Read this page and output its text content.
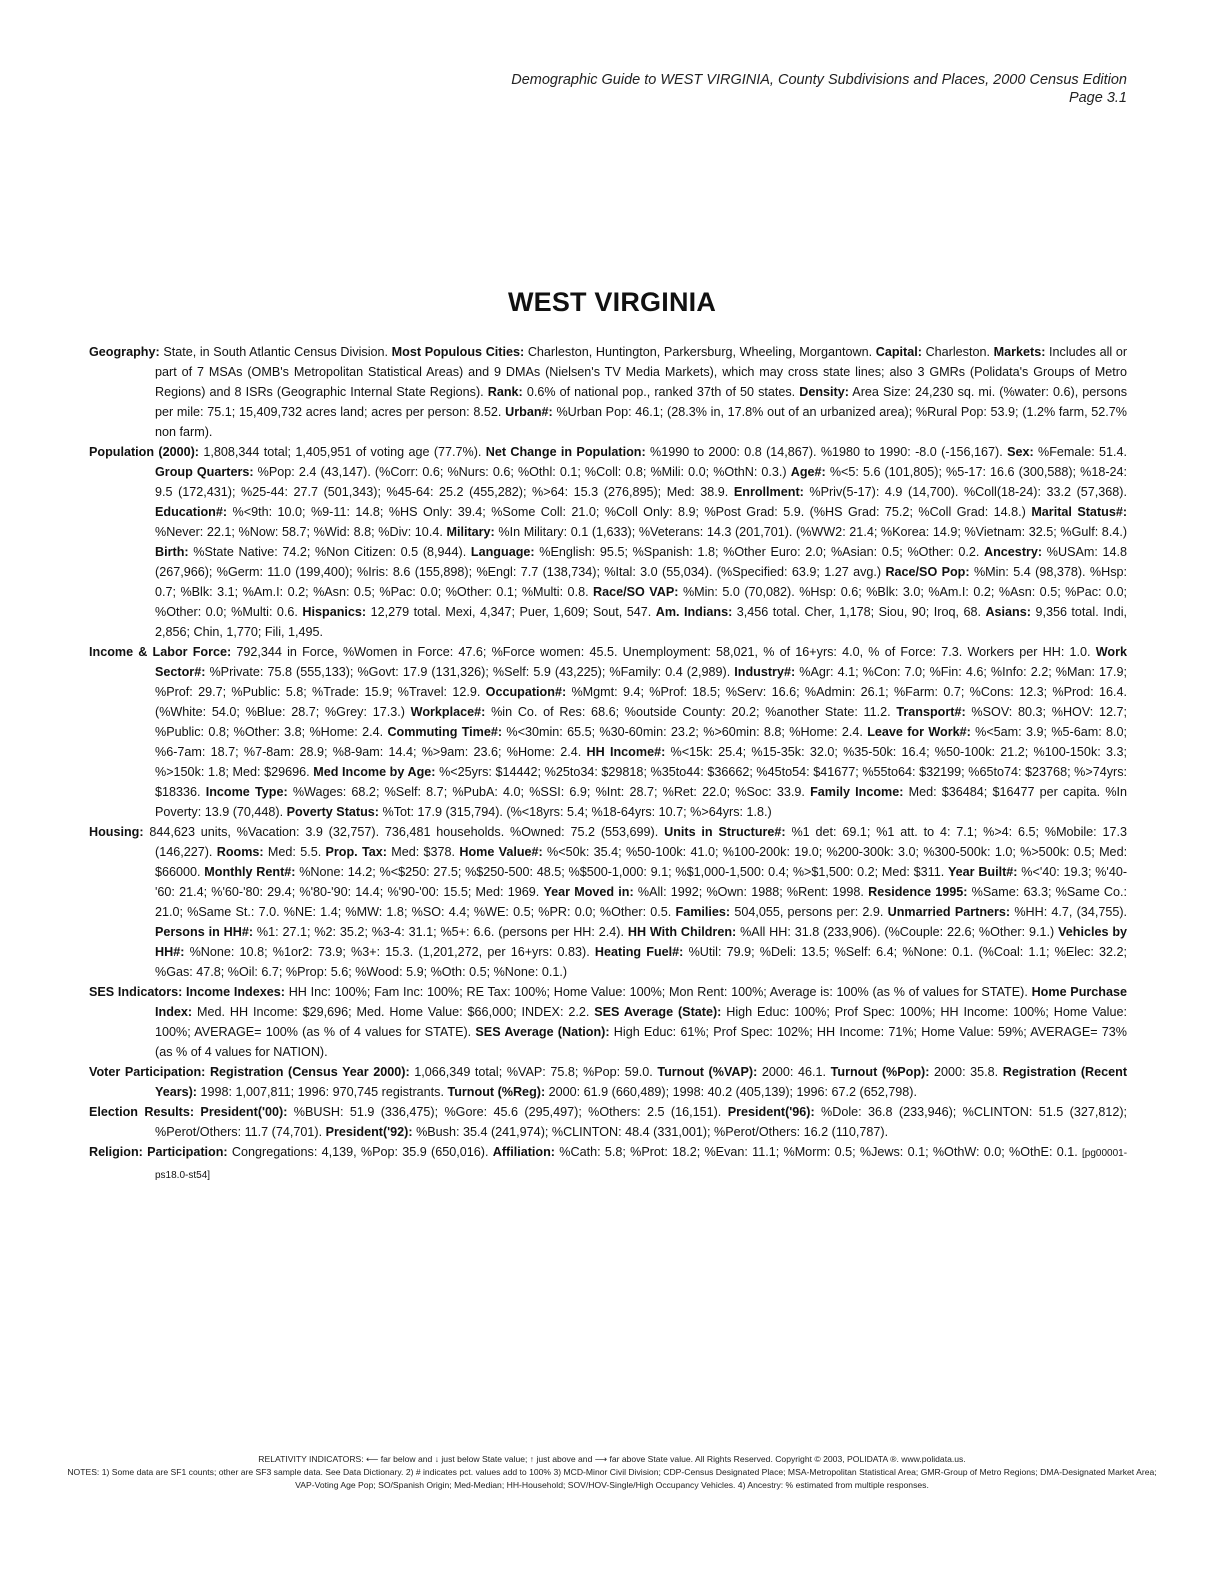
Demographic Guide to WEST VIRGINIA, County Subdivisions and Places, 2000 Census Edition
Page 3.1
WEST VIRGINIA

Geography: State, in South Atlantic Census Division. Most Populous Cities: Charleston, Huntington, Parkersburg, Wheeling, Morgantown. Capital: Charleston. Markets: Includes all or part of 7 MSAs (OMB's Metropolitan Statistical Areas) and 9 DMAs (Nielsen's TV Media Markets), which may cross state lines; also 3 GMRs (Polidata's Groups of Metro Regions) and 8 ISRs (Geographic Internal State Regions). Rank: 0.6% of national pop., ranked 37th of 50 states. Density: Area Size: 24,230 sq. mi. (%water: 0.6), persons per mile: 75.1; 15,409,732 acres land; acres per person: 8.52. Urban#: %Urban Pop: 46.1; (28.3% in, 17.8% out of an urbanized area); %Rural Pop: 53.9; (1.2% farm, 52.7% non farm).

Population (2000): 1,808,344 total; 1,405,951 of voting age (77.7%). Net Change in Population: %1990 to 2000: 0.8 (14,867). %1980 to 1990: -8.0 (-156,167). Sex: %Female: 51.4. Group Quarters: %Pop: 2.4 (43,147). (%Corr: 0.6; %Nurs: 0.6; %Othl: 0.1; %Coll: 0.8; %Mili: 0.0; %OthN: 0.3.) Age#: %<5: 5.6 (101,805); %5-17: 16.6 (300,588); %18-24: 9.5 (172,431); %25-44: 27.7 (501,343); %45-64: 25.2 (455,282); %>64: 15.3 (276,895); Med: 38.9. Enrollment: %Priv(5-17): 4.9 (14,700). %Coll(18-24): 33.2 (57,368). Education#: %<9th: 10.0; %9-11: 14.8; %HS Only: 39.4; %Some Coll: 21.0; %Coll Only: 8.9; %Post Grad: 5.9. (%HS Grad: 75.2; %Coll Grad: 14.8.) Marital Status#: %Never: 22.1; %Now: 58.7; %Wid: 8.8; %Div: 10.4. Military: %In Military: 0.1 (1,633); %Veterans: 14.3 (201,701). (%WW2: 21.4; %Korea: 14.9; %Vietnam: 32.5; %Gulf: 8.4.) Birth: %State Native: 74.2; %Non Citizen: 0.5 (8,944). Language: %English: 95.5; %Spanish: 1.8; %Other Euro: 2.0; %Asian: 0.5; %Other: 0.2. Ancestry: %USAm: 14.8 (267,966); %Germ: 11.0 (199,400); %Iris: 8.6 (155,898); %Engl: 7.7 (138,734); %Ital: 3.0 (55,034). (%Specified: 63.9; 1.27 avg.) Race/SO Pop: %Min: 5.4 (98,378). %Hsp: 0.7; %Blk: 3.1; %Am.I: 0.2; %Asn: 0.5; %Pac: 0.0; %Other: 0.1; %Multi: 0.8. Race/SO VAP: %Min: 5.0 (70,082). %Hsp: 0.6; %Blk: 3.0; %Am.I: 0.2; %Asn: 0.5; %Pac: 0.0; %Other: 0.0; %Multi: 0.6. Hispanics: 12,279 total. Mexi, 4,347; Puer, 1,609; Sout, 547. Am. Indians: 3,456 total. Cher, 1,178; Siou, 90; Iroq, 68. Asians: 9,356 total. Indi, 2,856; Chin, 1,770; Fili, 1,495.

Income & Labor Force: 792,344 in Force, %Women in Force: 47.6; %Force women: 45.5. Unemployment: 58,021, % of 16+yrs: 4.0, % of Force: 7.3. Workers per HH: 1.0. Work Sector#: %Private: 75.8 (555,133); %Govt: 17.9 (131,326); %Self: 5.9 (43,225); %Family: 0.4 (2,989). Industry#: %Agr: 4.1; %Con: 7.0; %Fin: 4.6; %Info: 2.2; %Man: 17.9; %Prof: 29.7; %Public: 5.8; %Trade: 15.9; %Travel: 12.9. Occupation#: %Mgmt: 9.4; %Prof: 18.5; %Serv: 16.6; %Admin: 26.1; %Farm: 0.7; %Cons: 12.3; %Prod: 16.4. (%White: 54.0; %Blue: 28.7; %Grey: 17.3.) Workplace#: %in Co. of Res: 68.6; %outside County: 20.2; %another State: 11.2. Transport#: %SOV: 80.3; %HOV: 12.7; %Public: 0.8; %Other: 3.8; %Home: 2.4. Commuting Time#: %<30min: 65.5; %30-60min: 23.2; %>60min: 8.8; %Home: 2.4. Leave for Work#: %<5am: 3.9; %5-6am: 8.0; %6-7am: 18.7; %7-8am: 28.9; %8-9am: 14.4; %>9am: 23.6; %Home: 2.4. HH Income#: %<15k: 25.4; %15-35k: 32.0; %35-50k: 16.4; %50-100k: 21.2; %100-150k: 3.3; %>150k: 1.8; Med: $29696. Med Income by Age: %<25yrs: $14442; %25to34: $29818; %35to44: $36662; %45to54: $41677; %55to64: $32199; %65to74: $23768; %>74yrs: $18336. Income Type: %Wages: 68.2; %Self: 8.7; %PubA: 4.0; %SSI: 6.9; %Int: 28.7; %Ret: 22.0; %Soc: 33.9. Family Income: Med: $36484; $16477 per capita. %In Poverty: 13.9 (70,448). Poverty Status: %Tot: 17.9 (315,794). (%<18yrs: 5.4; %18-64yrs: 10.7; %>64yrs: 1.8.)

Housing: 844,623 units, %Vacation: 3.9 (32,757). 736,481 households. %Owned: 75.2 (553,699). Units in Structure#: %1 det: 69.1; %1 att. to 4: 7.1; %>4: 6.5; %Mobile: 17.3 (146,227). Rooms: Med: 5.5. Prop. Tax: Med: $378. Home Value#: %<50k: 35.4; %50-100k: 41.0; %100-200k: 19.0; %200-300k: 3.0; %300-500k: 1.0; %>500k: 0.5; Med: $66000. Monthly Rent#: %None: 14.2; %<$250: 27.5; %$250-500: 48.5; %$500-1,000: 9.1; %$1,000-1,500: 0.4; %>$1,500: 0.2; Med: $311. Year Built#: %<'40: 19.3; %'40-'60: 21.4; %'60-'80: 29.4; %'80-'90: 14.4; %'90-'00: 15.5; Med: 1969. Year Moved in: %All: 1992; %Own: 1988; %Rent: 1998. Residence 1995: %Same: 63.3; %Same Co.: 21.0; %Same St.: 7.0. %NE: 1.4; %MW: 1.8; %SO: 4.4; %WE: 0.5; %PR: 0.0; %Other: 0.5. Families: 504,055, persons per: 2.9. Unmarried Partners: %HH: 4.7, (34,755). Persons in HH#: %1: 27.1; %2: 35.2; %3-4: 31.1; %5+: 6.6. (persons per HH: 2.4). HH With Children: %All HH: 31.8 (233,906). (%Couple: 22.6; %Other: 9.1.) Vehicles by HH#: %None: 10.8; %1or2: 73.9; %3+: 15.3. (1,201,272, per 16+yrs: 0.83). Heating Fuel#: %Util: 79.9; %Deli: 13.5; %Self: 6.4; %None: 0.1. (%Coal: 1.1; %Elec: 32.2; %Gas: 47.8; %Oil: 6.7; %Prop: 5.6; %Wood: 5.9; %Oth: 0.5; %None: 0.1.)

SES Indicators: Income Indexes: HH Inc: 100%; Fam Inc: 100%; RE Tax: 100%; Home Value: 100%; Mon Rent: 100%; Average is: 100% (as % of values for STATE). Home Purchase Index: Med. HH Income: $29,696; Med. Home Value: $66,000; INDEX: 2.2. SES Average (State): High Educ: 100%; Prof Spec: 100%; HH Income: 100%; Home Value: 100%; AVERAGE= 100% (as % of 4 values for STATE). SES Average (Nation): High Educ: 61%; Prof Spec: 102%; HH Income: 71%; Home Value: 59%; AVERAGE= 73% (as % of 4 values for NATION).

Voter Participation: Registration (Census Year 2000): 1,066,349 total; %VAP: 75.8; %Pop: 59.0. Turnout (%VAP): 2000: 46.1. Turnout (%Pop): 2000: 35.8. Registration (Recent Years): 1998: 1,007,811; 1996: 970,745 registrants. Turnout (%Reg): 2000: 61.9 (660,489); 1998: 40.2 (405,139); 1996: 67.2 (652,798).

Election Results: President('00): %BUSH: 51.9 (336,475); %Gore: 45.6 (295,497); %Others: 2.5 (16,151). President('96): %Dole: 36.8 (233,946); %CLINTON: 51.5 (327,812); %Perot/Others: 11.7 (74,701). President('92): %Bush: 35.4 (241,974); %CLINTON: 48.4 (331,001); %Perot/Others: 16.2 (110,787).

Religion: Participation: Congregations: 4,139, %Pop: 35.9 (650,016). Affiliation: %Cath: 5.8; %Prot: 18.2; %Evan: 11.1; %Morm: 0.5; %Jews: 0.1; %OthW: 0.0; %OthE: 0.1. [pg00001-ps18.0-st54]

RELATIVITY INDICATORS: ⟵ far below and ↓ just below State value; ↑ just above and ⟶ far above State value. All Rights Reserved. Copyright © 2003, POLIDATA ®. www.polidata.us.
NOTES: 1) Some data are SF1 counts; other are SF3 sample data. See Data Dictionary. 2) # indicates pct. values add to 100% 3) MCD-Minor Civil Division; CDP-Census Designated Place; MSA-Metropolitan Statistical Area; GMR-Group of Metro Regions; DMA-Designated Market Area; VAP-Voting Age Pop; SO/Spanish Origin; Med-Median; HH-Household; SOV/HOV-Single/High Occupancy Vehicles. 4) Ancestry: % estimated from multiple responses.
